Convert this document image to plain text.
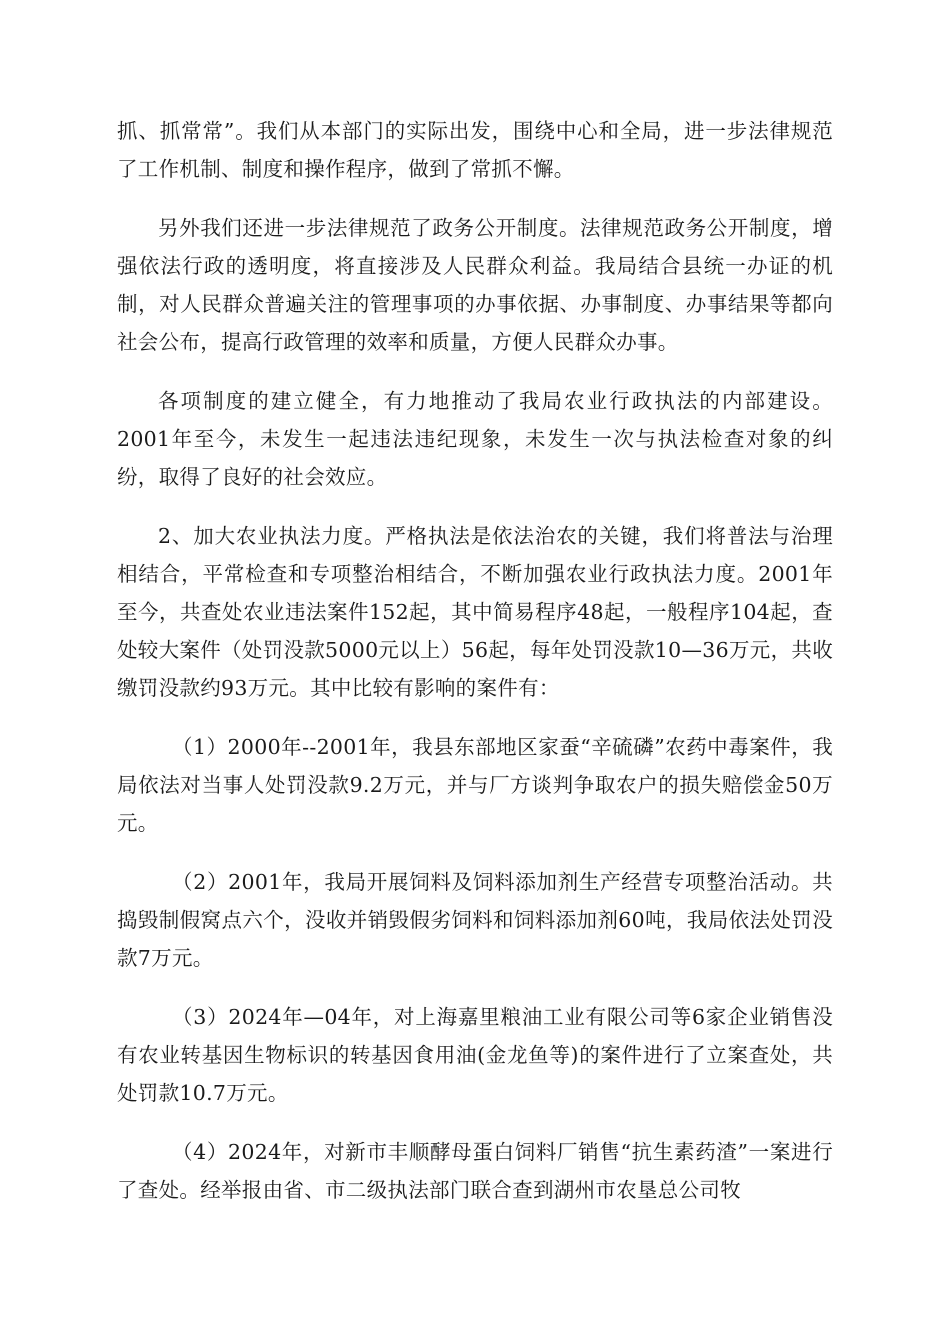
抓、抓常常”。我们从本部门的实际出发，围绕中心和全局，进一步法律规范了工作机制、制度和操作程序，做到了常抓不懈。

另外我们还进一步法律规范了政务公开制度。法律规范政务公开制度，增强依法行政的透明度，将直接涉及人民群众利益。我局结合县统一办证的机制，对人民群众普遍关注的管理事项的办事依据、办事制度、办事结果等都向社会公布，提高行政管理的效率和质量，方便人民群众办事。

各项制度的建立健全，有力地推动了我局农业行政执法的内部建设。2001年至今，未发生一起违法违纪现象，未发生一次与执法检查对象的纠纷，取得了良好的社会效应。

2、加大农业执法力度。严格执法是依法治农的关键，我们将普法与治理相结合，平常检查和专项整治相结合，不断加强农业行政执法力度。2001年至今，共查处农业违法案件152起，其中简易程序48起，一般程序104起，查处较大案件（处罚没款5000元以上）56起，每年处罚没款10—36万元，共收缴罚没款约93万元。其中比较有影响的案件有：

（1）2000年--2001年，我县东部地区家蚕“辛硫磷”农药中毒案件，我局依法对当事人处罚没款9.2万元，并与厂方谈判争取农户的损失赔偿金50万元。

（2）2001年，我局开展饲料及饲料添加剂生产经营专项整治活动。共捣毁制假窝点六个，没收并销毁假劣饲料和饲料添加剂60吨，我局依法处罚没款7万元。

（3）2024年—04年，对上海嘉里粮油工业有限公司等6家企业销售没有农业转基因生物标识的转基因食用油(金龙鱼等)的案件进行了立案查处，共处罚款10.7万元。

（4）2024年，对新市丰顺酵母蛋白饲料厂销售“抗生素药渣”一案进行了查处。经举报由省、市二级执法部门联合查到湖州市农垦总公司牧
